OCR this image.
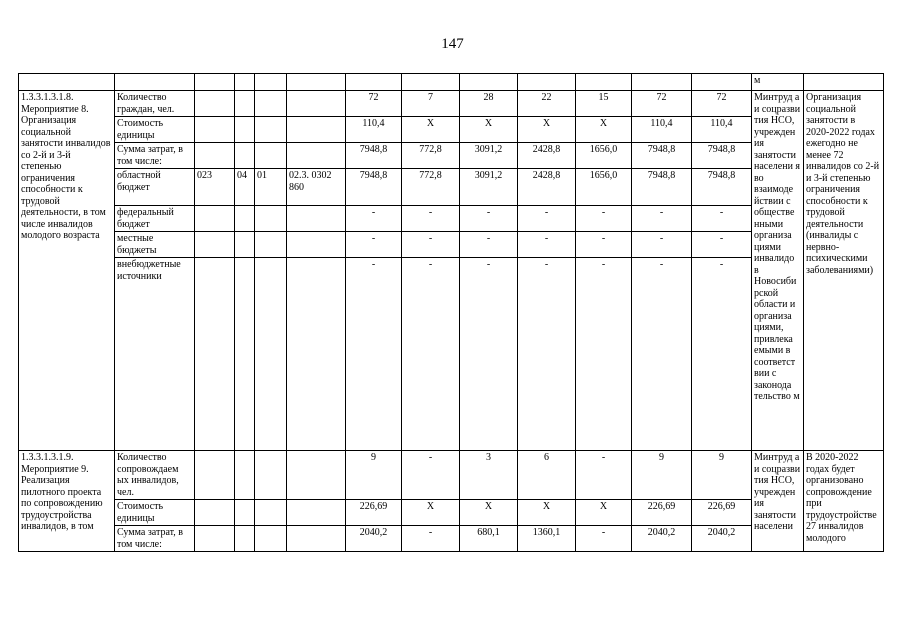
147
													м	
1.3.3.1.3.1.8. Мероприятие 8. Организация социальной занятости инвалидов со 2-й и 3-й степенью ограничения способности к трудовой деятельности, в том числе инвалидов молодого возраста	Количество граждан, чел.					72	7	28	22	15	72	72	Минтруд а и соцразви тия НСО, учрежден ия занятости населени я во взаимоде йствии с обществе нными организа циями инвалидо в Новосиби рской области и организа циями, привлека емыми в соответст вии с законода тельство м	Организация социальной занятости в 2020-2022 годах ежегодно не менее 72 инвалидов со 2-й и 3-й степенью ограничения способности к трудовой деятельности (инвалиды с нервно-психическими заболеваниями)
	Стоимость единицы					110,4	Х	Х	Х	Х	110,4	110,4		
	Сумма затрат, в том числе:					7948,8	772,8	3091,2	2428,8	1656,0	7948,8	7948,8		
	областной бюджет	023	04	01	02.3. 0302 860	7948,8	772,8	3091,2	2428,8	1656,0	7948,8	7948,8		
	федеральный бюджет					-	-	-	-	-	-	-		
	местные бюджеты					-	-	-	-	-	-	-		
	внебюджетные источники					-	-	-	-	-	-	-		
1.3.3.1.3.1.9. Мероприятие 9. Реализация пилотного проекта по сопровождению трудоустройства инвалидов, в том	Количество сопровождаем ых инвалидов, чел.					9	-	3	6	-	9	9	Минтруд а и соцразви тия НСО, учрежден ия занятости населени	В 2020-2022 годах будет организовано сопровождение при трудоустройстве 27 инвалидов молодого
	Стоимость единицы					226,69	Х	Х	Х	Х	226,69	226,69		
	Сумма затрат, в том числе:					2040,2	-	680,1	1360,1	-	2040,2	2040,2		
